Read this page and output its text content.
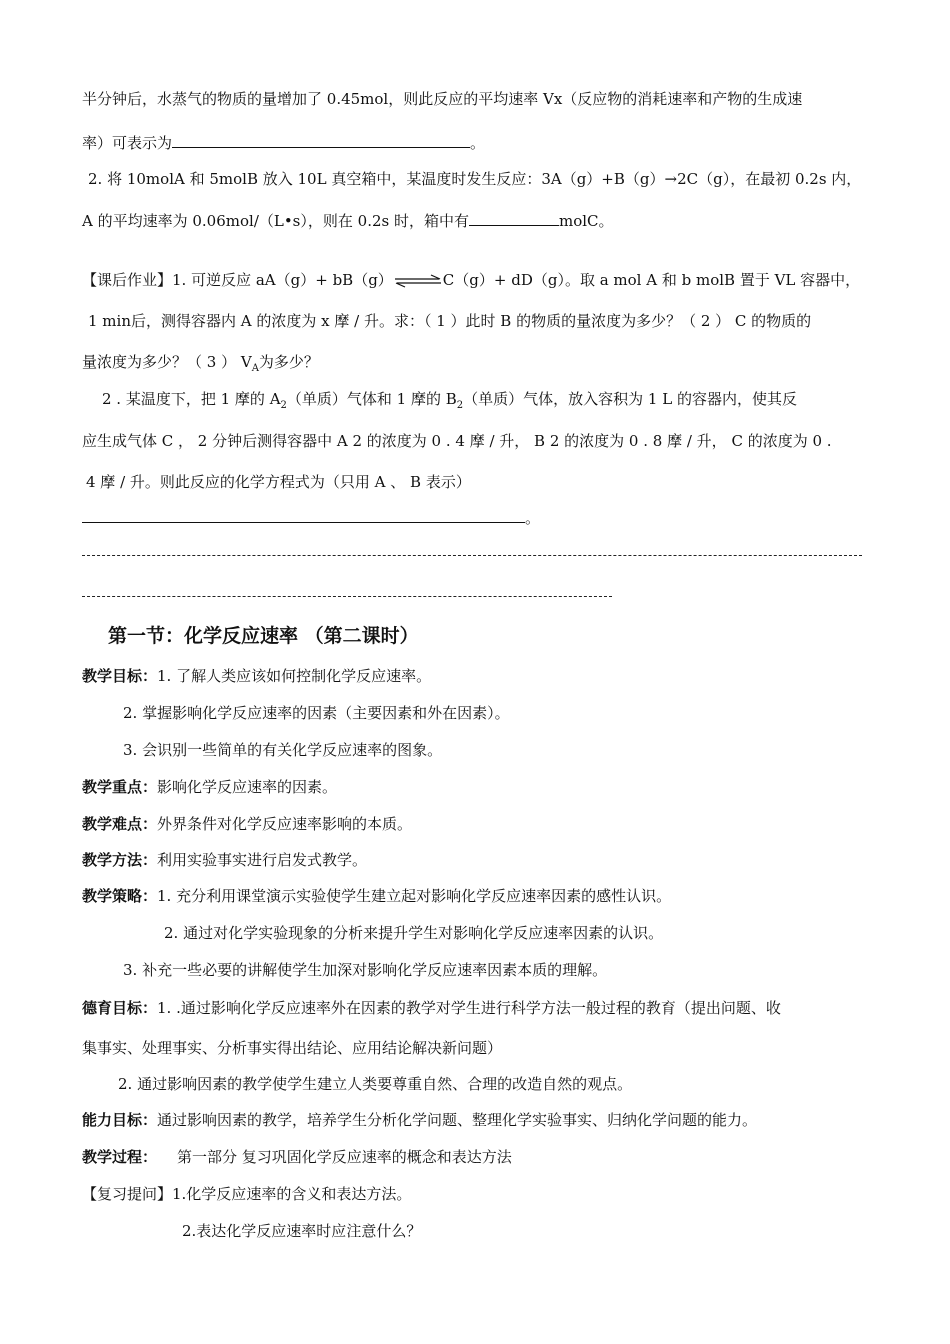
半分钟后，水蒸气的物质的量增加了 0.45mol，则此反应的平均速率 Vx（反应物的消耗速率和产物的生成速
率）可表示为	。
2. 将 10molA 和 5molB 放入 10L 真空箱中，某温度时发生反应：3A（g）+B（g）→2C（g），在最初 0.2s 内，
A 的平均速率为 0.06mol/（L•s），则在 0.2s 时，箱中有	molC。
【课后作业】1. 可逆反应 aA（g）+ bB（g）⇌C（g）+ dD（g）。取 a mol A 和 b molB 置于 VL 容器中，
1 min后，测得容器内 A 的浓度为 x 摩 / 升。求：（ 1 ）此时 B 的物质的量浓度为多少？（ 2 ） C 的物质的
量浓度为多少？（ 3 ） $V_A$为多少？
2 . 某温度下，把 1 摩的 $A_2$（单质）气体和 1 摩的 $B_2$（单质）气体，放入容积为 1 L 的容器内，使其反
应生成气体 C ， 2 分钟后测得容器中 A 2 的浓度为 0 . 4 摩 / 升， B 2 的浓度为 0 . 8 摩 / 升， C 的浓度为 0 .
4 摩 / 升。则此反应的化学方程式为（只用 A 、 B 表示）
。
第一节：化学反应速率 （第二课时）
教学目标：1. 了解人类应该如何控制化学反应速率。
2. 掌握影响化学反应速率的因素（主要因素和外在因素）。
3. 会识别一些简单的有关化学反应速率的图象。
教学重点：影响化学反应速率的因素。
教学难点：外界条件对化学反应速率影响的本质。
教学方法：利用实验事实进行启发式教学。
教学策略：1. 充分利用课堂演示实验使学生建立起对影响化学反应速率因素的感性认识。
2. 通过对化学实验现象的分析来提升学生对影响化学反应速率因素的认识。
3. 补充一些必要的讲解使学生加深对影响化学反应速率因素本质的理解。
德育目标：1. .通过影响化学反应速率外在因素的教学对学生进行科学方法一般过程的教育（提出问题、收
集事实、处理事实、分析事实得出结论、应用结论解决新问题）
2. 通过影响因素的教学使学生建立人类要尊重自然、合理的改造自然的观点。
能力目标：通过影响因素的教学，培养学生分析化学问题、整理化学实验事实、归纳化学问题的能力。
教学过程： 第一部分 复习巩固化学反应速率的概念和表达方法
【复习提问】1.化学反应速率的含义和表达方法。
2.表达化学反应速率时应注意什么？
